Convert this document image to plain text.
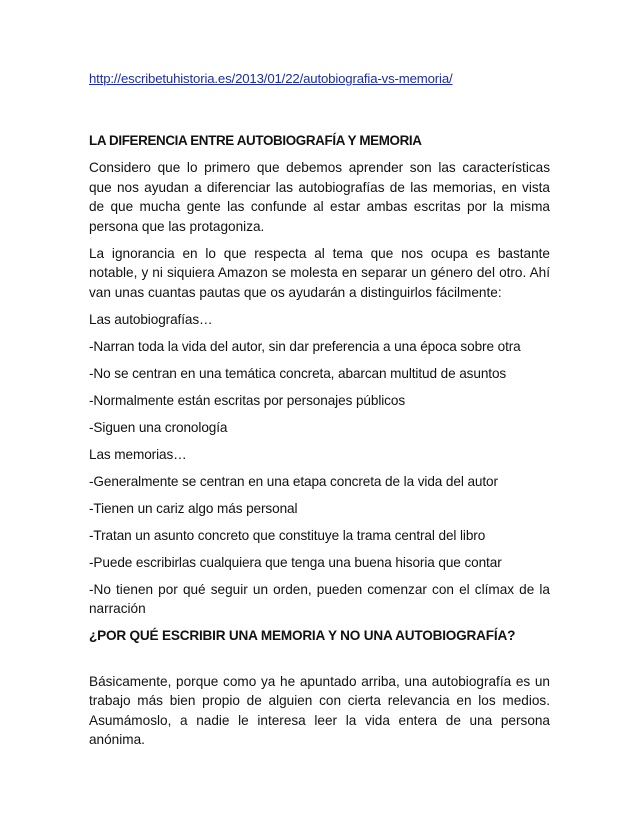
http://escribetuhistoria.es/2013/01/22/autobiografia-vs-memoria/

LA DIFERENCIA ENTRE AUTOBIOGRAFÍA Y MEMORIA

Considero que lo primero que debemos aprender son las características que nos ayudan a diferenciar las autobiografías de las memorias, en vista de que mucha gente las confunde al estar ambas escritas por la misma persona que las protagoniza.

La ignorancia en lo que respecta al tema que nos ocupa es bastante notable, y ni siquiera Amazon se molesta en separar un género del otro. Ahí van unas cuantas pautas que os ayudarán a distinguirlos fácilmente:

Las autobiografías…

-Narran toda la vida del autor, sin dar preferencia a una época sobre otra

-No se centran en una temática concreta, abarcan multitud de asuntos

-Normalmente están escritas por personajes públicos

-Siguen una cronología

Las memorias…

-Generalmente se centran en una etapa concreta de la vida del autor

-Tienen un cariz algo más personal

-Tratan un asunto concreto que constituye la trama central del libro

-Puede escribirlas cualquiera que tenga una buena hisoria que contar

-No tienen por qué seguir un orden, pueden comenzar con el clímax de la narración

¿POR QUÉ ESCRIBIR UNA MEMORIA Y NO UNA AUTOBIOGRAFÍA?

Básicamente, porque como ya he apuntado arriba, una autobiografía es un trabajo más bien propio de alguien con cierta relevancia en los medios. Asumámoslo, a nadie le interesa leer la vida entera de una persona anónima.
